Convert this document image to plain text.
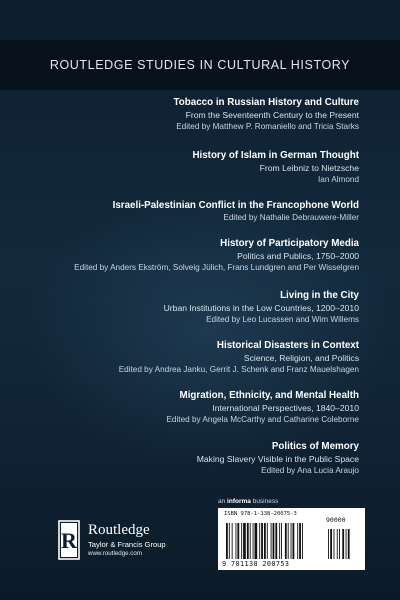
ROUTLEDGE STUDIES IN CULTURAL HISTORY
Tobacco in Russian History and Culture
From the Seventeenth Century to the Present
Edited by Matthew P. Romaniello and Tricia Starks
History of Islam in German Thought
From Leibniz to Nietzsche
Ian Almond
Israeli-Palestinian Conflict in the Francophone World
Edited by Nathalie Debrauwere-Miller
History of Participatory Media
Politics and Publics, 1750–2000
Edited by Anders Ekström, Solveig Jülich, Frans Lundgren and Per Wisselgren
Living in the City
Urban Institutions in the Low Countries, 1200–2010
Edited by Leo Lucassen and Wim Willems
Historical Disasters in Context
Science, Religion, and Politics
Edited by Andrea Janku, Gerrit J. Schenk and Franz Mauelshagen
Migration, Ethnicity, and Mental Health
International Perspectives, 1840–2010
Edited by Angela McCarthy and Catharine Coleborne
Politics of Memory
Making Slavery Visible in the Public Space
Edited by Ana Lucia Araujo
R Routledge
Taylor & Francis Group
www.routledge.com
an informa business
ISBN 978-1-138-20075-3
90000
9 781138 200753
